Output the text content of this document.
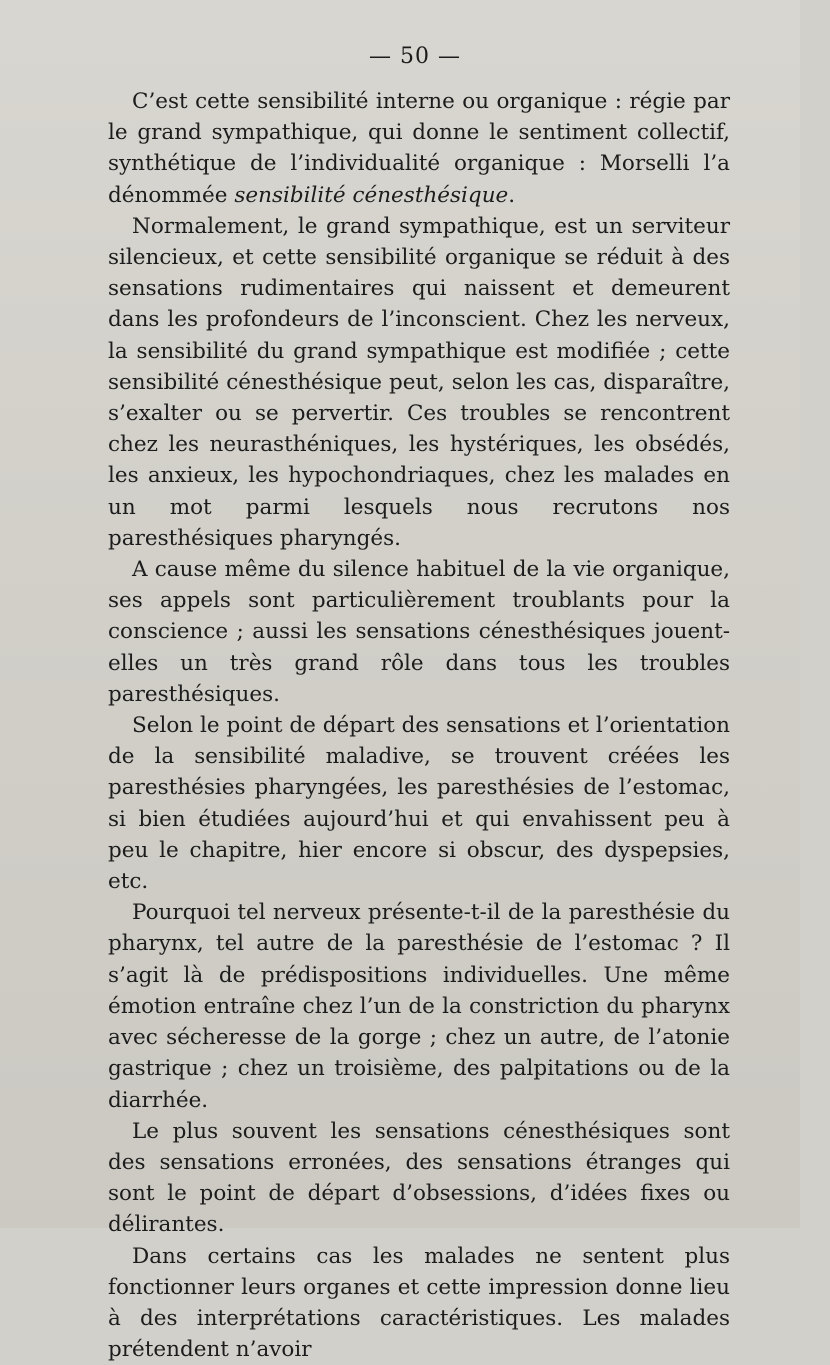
— 50 —

C’est cette sensibilité interne ou organique : régie par le grand sympathique, qui donne le sentiment collectif, synthétique de l’individualité organique : Morselli l’a dénommée sensibilité cénesthésique.

Normalement, le grand sympathique, est un serviteur silencieux, et cette sensibilité organique se réduit à des sensations rudimentaires qui naissent et demeurent dans les profondeurs de l’inconscient. Chez les nerveux, la sensibilité du grand sympathique est modifiée ; cette sensibilité cénesthésique peut, selon les cas, disparaître, s’exalter ou se pervertir. Ces troubles se rencontrent chez les neurasthéniques, les hystériques, les obsédés, les anxieux, les hypochondriaques, chez les malades en un mot parmi lesquels nous recrutons nos paresthésiques pharyngés.

A cause même du silence habituel de la vie organique, ses appels sont particulièrement troublants pour la conscience ; aussi les sensations cénesthésiques jouent-elles un très grand rôle dans tous les troubles paresthésiques.

Selon le point de départ des sensations et l’orientation de la sensibilité maladive, se trouvent créées les paresthésies pharyngées, les paresthésies de l’estomac, si bien étudiées aujourd’hui et qui envahissent peu à peu le chapitre, hier encore si obscur, des dyspepsies, etc.

Pourquoi tel nerveux présente-t-il de la paresthésie du pharynx, tel autre de la paresthésie de l’estomac ? Il s’agit là de prédispositions individuelles. Une même émotion entraîne chez l’un de la constriction du pharynx avec sécheresse de la gorge ; chez un autre, de l’atonie gastrique ; chez un troisième, des palpitations ou de la diarrhée.

Le plus souvent les sensations cénesthésiques sont des sensations erronées, des sensations étranges qui sont le point de départ d’obsessions, d’idées fixes ou délirantes.

Dans certains cas les malades ne sentent plus fonctionner leurs organes et cette impression donne lieu à des interprétations caractéristiques. Les malades prétendent n’avoir
